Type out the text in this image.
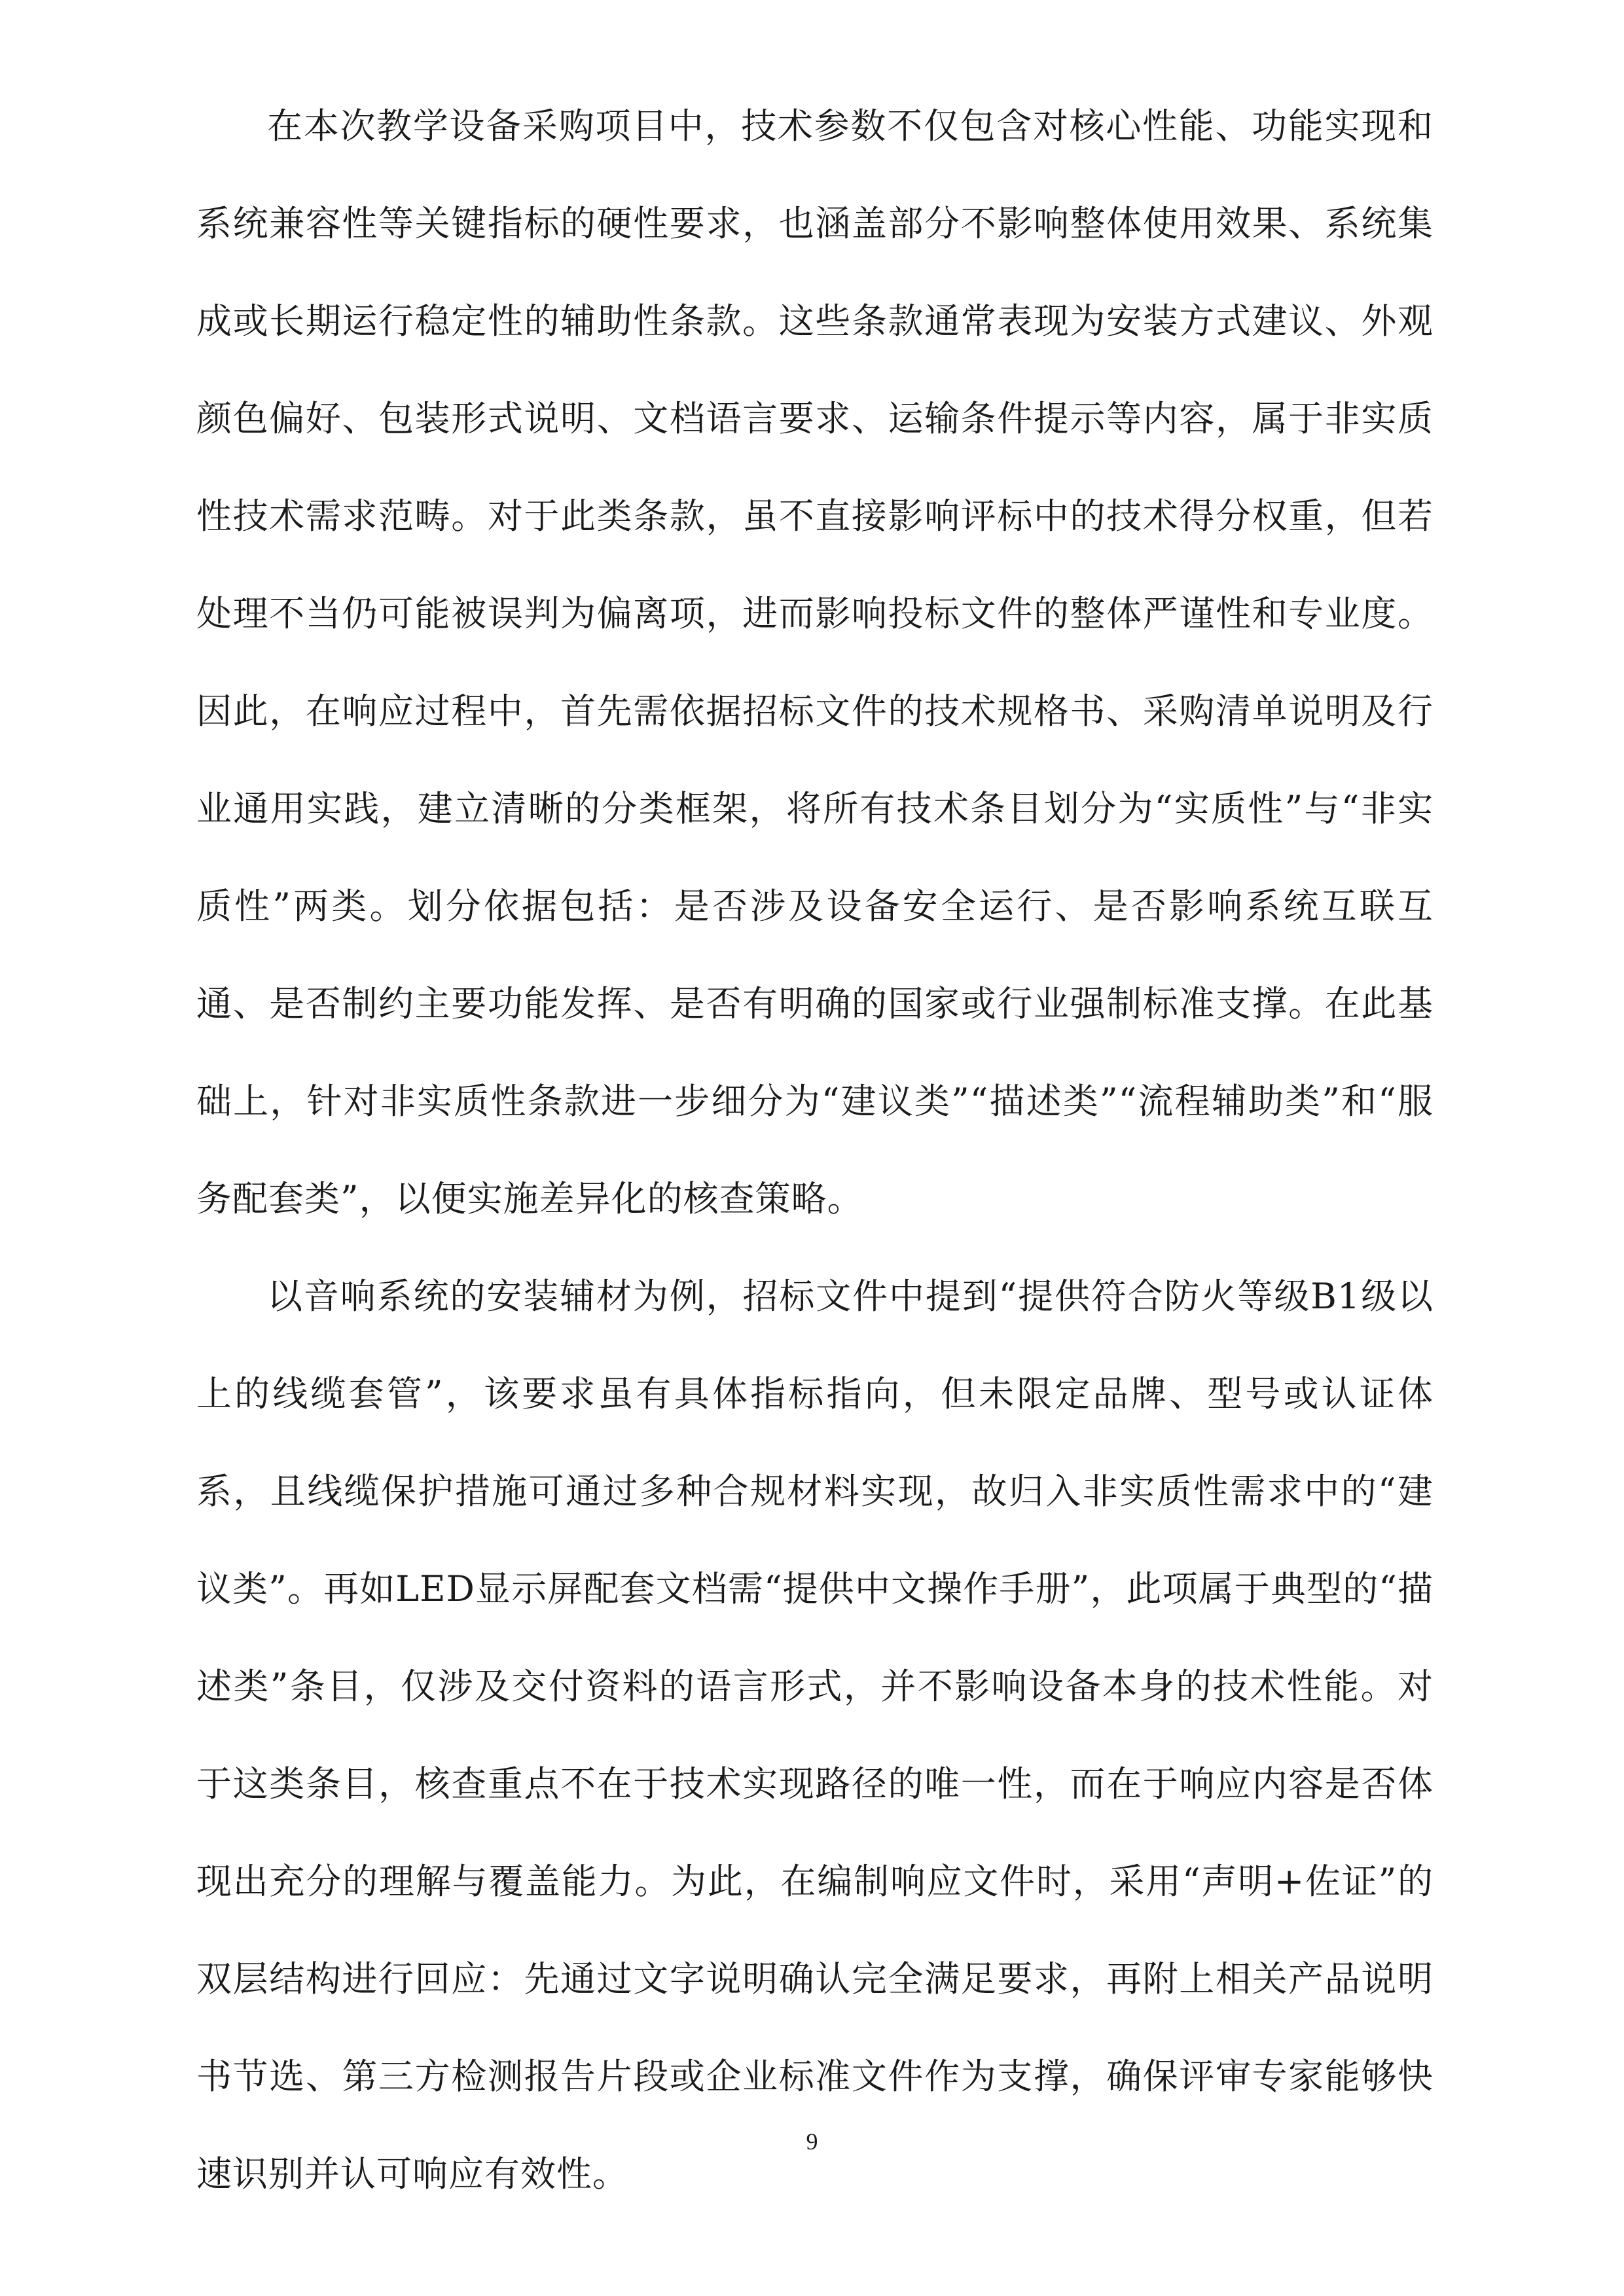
在本次教学设备采购项目中，技术参数不仅包含对核心性能、功能实现和系统兼容性等关键指标的硬性要求，也涵盖部分不影响整体使用效果、系统集成或长期运行稳定性的辅助性条款。这些条款通常表现为安装方式建议、外观颜色偏好、包装形式说明、文档语言要求、运输条件提示等内容，属于非实质性技术需求范畴。对于此类条款，虽不直接影响评标中的技术得分权重，但若处理不当仍可能被误判为偏离项，进而影响投标文件的整体严谨性和专业度。因此，在响应过程中，首先需依据招标文件的技术规格书、采购清单说明及行业通用实践，建立清晰的分类框架，将所有技术条目划分为“实质性”与“非实质性”两类。划分依据包括：是否涉及设备安全运行、是否影响系统互联互通、是否制约主要功能发挥、是否有明确的国家或行业强制标准支撑。在此基础上，针对非实质性条款进一步细分为“建议类”“描述类”“流程辅助类”和“服务配套类”，以便实施差异化的核查策略。

以音响系统的安装辅材为例，招标文件中提到“提供符合防火等级B1级以上的线缆套管”，该要求虽有具体指标指向，但未限定品牌、型号或认证体系，且线缆保护措施可通过多种合规材料实现，故归入非实质性需求中的“建议类”。再如LED显示屏配套文档需“提供中文操作手册”，此项属于典型的“描述类”条目，仅涉及交付资料的语言形式，并不影响设备本身的技术性能。对于这类条目，核查重点不在于技术实现路径的唯一性，而在于响应内容是否体现出充分的理解与覆盖能力。为此，在编制响应文件时，采用“声明+佐证”的双层结构进行回应：先通过文字说明确认完全满足要求，再附上相关产品说明书节选、第三方检测报告片段或企业标准文件作为支撑，确保评审专家能够快速识别并认可响应有效性。

9
